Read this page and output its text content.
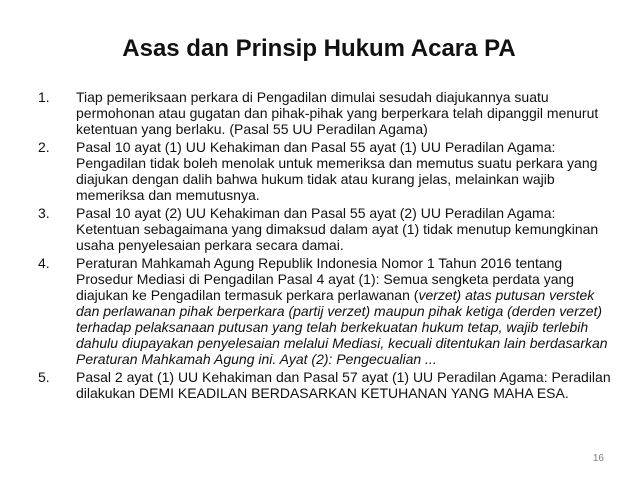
Asas dan Prinsip Hukum Acara PA
1.	Tiap pemeriksaan perkara di Pengadilan dimulai sesudah diajukannya suatu permohonan atau gugatan dan pihak-pihak yang berperkara telah dipanggil menurut ketentuan yang berlaku. (Pasal 55 UU Peradilan Agama)
2.	Pasal 10 ayat (1) UU Kehakiman dan Pasal 55 ayat (1) UU Peradilan Agama: Pengadilan tidak boleh menolak untuk memeriksa dan memutus suatu perkara yang diajukan dengan dalih bahwa hukum tidak atau kurang jelas, melainkan wajib memeriksa dan memutusnya.
3.	Pasal 10 ayat (2) UU Kehakiman dan Pasal 55 ayat (2) UU Peradilan Agama: Ketentuan sebagaimana yang dimaksud dalam ayat (1) tidak menutup kemungkinan usaha penyelesaian perkara secara damai.
4.	Peraturan Mahkamah Agung Republik Indonesia Nomor 1 Tahun 2016 tentang Prosedur Mediasi di Pengadilan Pasal 4 ayat (1): Semua sengketa perdata yang diajukan ke Pengadilan termasuk perkara perlawanan (verzet) atas putusan verstek dan perlawanan pihak berperkara (partij verzet) maupun pihak ketiga (derden verzet) terhadap pelaksanaan putusan yang telah berkekuatan hukum tetap, wajib terlebih dahulu diupayakan penyelesaian melalui Mediasi, kecuali ditentukan lain berdasarkan Peraturan Mahkamah Agung ini. Ayat (2): Pengecualian ...
5.	Pasal 2 ayat (1) UU Kehakiman dan Pasal 57 ayat (1) UU Peradilan Agama: Peradilan dilakukan DEMI KEADILAN BERDASARKAN KETUHANAN YANG MAHA ESA.
16
